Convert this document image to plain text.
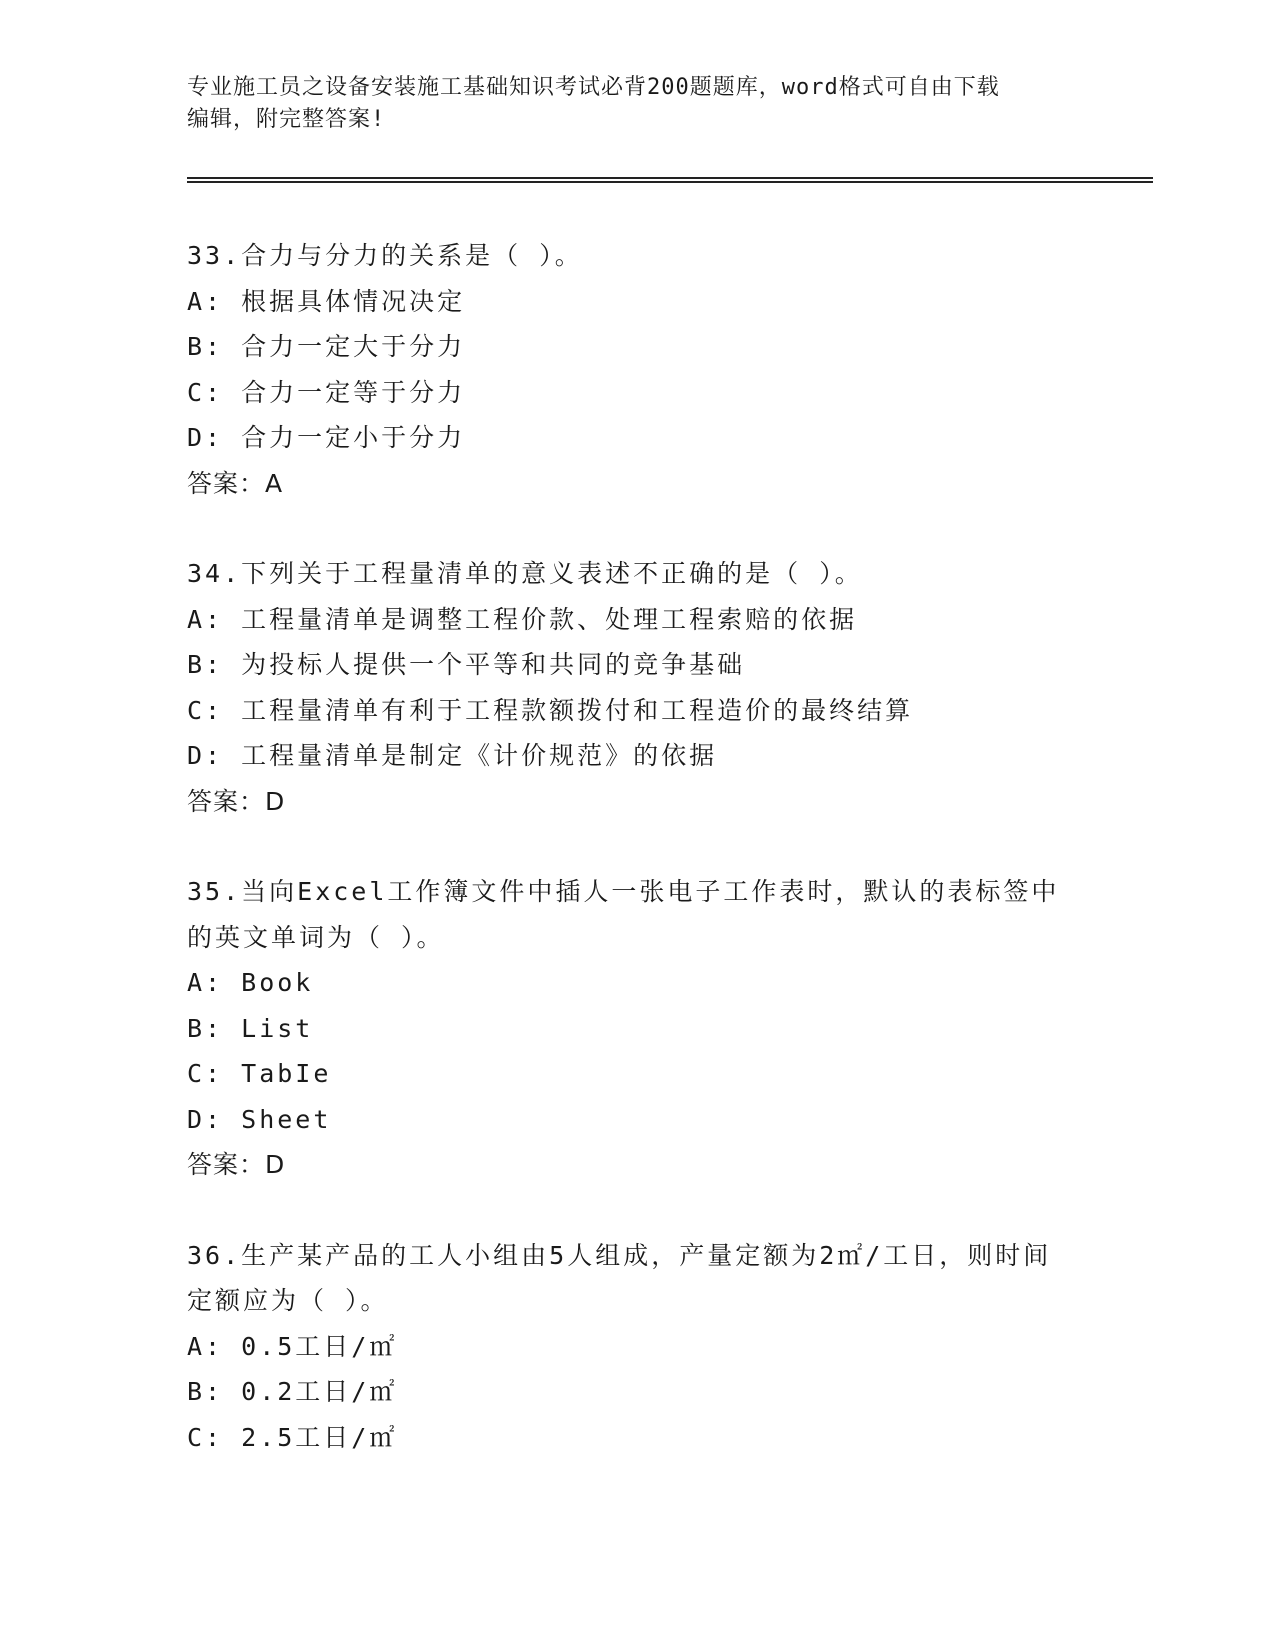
专业施工员之设备安装施工基础知识考试必背200题题库，word格式可自由下载
编辑，附完整答案!
33.合力与分力的关系是（ ）。
A: 根据具体情况决定
B: 合力一定大于分力
C: 合力一定等于分力
D: 合力一定小于分力
答案：A
34.下列关于工程量清单的意义表述不正确的是（ ）。
A: 工程量清单是调整工程价款、处理工程索赔的依据
B: 为投标人提供一个平等和共同的竞争基础
C: 工程量清单有利于工程款额拨付和工程造价的最终结算
D: 工程量清单是制定《计价规范》的依据
答案：D
35.当向Excel工作簿文件中插人一张电子工作表时，默认的表标签中
的英文单词为（ ）。
A: Book
B: List
C: TabIe
D: Sheet
答案：D
36.生产某产品的工人小组由5人组成，产量定额为2㎡/工日，则时间
定额应为（ ）。
A: 0.5工日/㎡
B: 0.2工日/㎡
C: 2.5工日/㎡
